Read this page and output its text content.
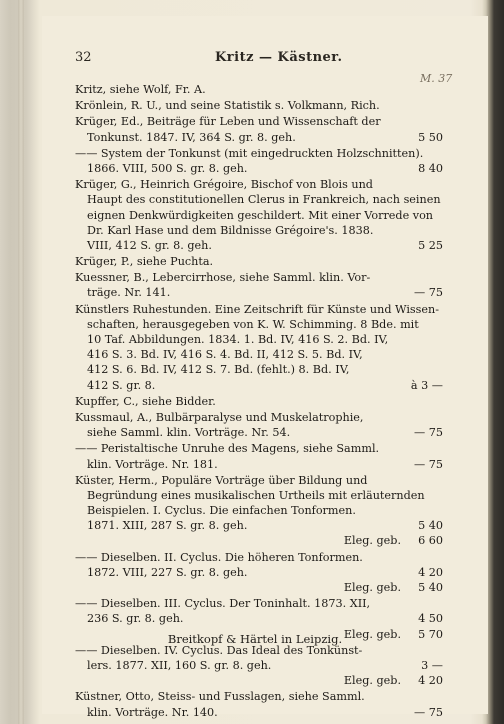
32	Kritz — Kästner.
M. 37
Kritz, siehe Wolf, Fr. A.
Krönlein, R. U., und seine Statistik s. Volkmann, Rich.
Krüger, Ed., Beiträge für Leben und Wissenschaft der
Tonkunst. 1847. IV, 364 S. gr. 8. geh.	5 50
—— System der Tonkunst (mit eingedruckten Holzschnitten).
1866. VIII, 500 S. gr. 8. geh.	8 40
Krüger, G., Heinrich Grégoire, Bischof von Blois und
Haupt des constitutionellen Clerus in Frankreich, nach seinen
eignen Denkwürdigkeiten geschildert. Mit einer Vorrede von
Dr. Karl Hase und dem Bildnisse Grégoire's. 1838.
VIII, 412 S. gr. 8. geh.	5 25
Krüger, P., siehe Puchta.
Kuessner, B., Lebercirrhose, siehe Samml. klin. Vor-
träge. Nr. 141.	— 75
Künstlers Ruhestunden. Eine Zeitschrift für Künste und Wissen-
schaften, herausgegeben von K. W. Schimming. 8 Bde. mit
10 Taf. Abbildungen. 1834. 1. Bd. IV, 416 S. 2. Bd. IV,
416 S. 3. Bd. IV, 416 S. 4. Bd. II, 412 S. 5. Bd. IV,
412 S. 6. Bd. IV, 412 S. 7. Bd. (fehlt.) 8. Bd. IV,
412 S. gr. 8.	à 3 —
Kupffer, C., siehe Bidder.
Kussmaul, A., Bulbärparalyse und Muskelatrophie,
siehe Samml. klin. Vorträge. Nr. 54.	— 75
—— Peristaltische Unruhe des Magens, siehe Samml.
klin. Vorträge. Nr. 181.	— 75
Küster, Herm., Populäre Vorträge über Bildung und
Begründung eines musikalischen Urtheils mit erläuternden
Beispielen. I. Cyclus. Die einfachen Tonformen.
1871. XIII, 287 S. gr. 8. geh.	5 40
Eleg. geb. 6 60
—— Dieselben. II. Cyclus. Die höheren Tonformen.
1872. VIII, 227 S. gr. 8. geh.	4 20
Eleg. geb. 5 40
—— Dieselben. III. Cyclus. Der Toninhalt. 1873. XII,
236 S. gr. 8. geh.	4 50
Eleg. geb. 5 70
—— Dieselben. IV. Cyclus. Das Ideal des Tonkünst-
lers. 1877. XII, 160 S. gr. 8. geh.	3 —
Eleg. geb. 4 20
Küstner, Otto, Steiss- und Fusslagen, siehe Samml.
klin. Vorträge. Nr. 140.	— 75
Breitkopf & Härtel in Leipzig.
